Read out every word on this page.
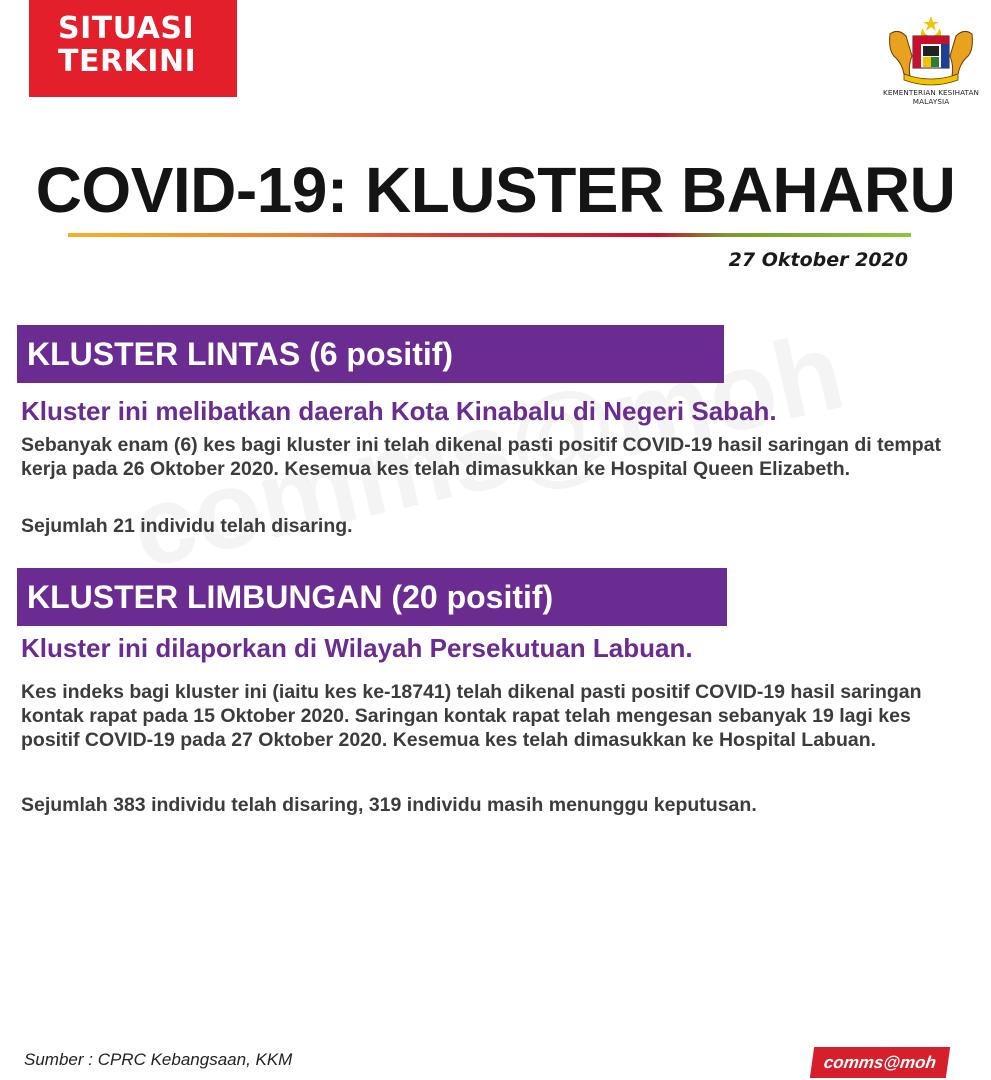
SITUASI
TERKINI
KEMENTERIAN KESIHATAN
MALAYSIA
COVID-19: KLUSTER BAHARU
27 Oktober 2020
KLUSTER LINTAS (6 positif)
Kluster ini melibatkan daerah Kota Kinabalu di Negeri Sabah.

Sebanyak enam (6) kes bagi kluster ini telah dikenal pasti positif COVID-19 hasil saringan di tempat kerja pada 26 Oktober 2020. Kesemua kes telah dimasukkan ke Hospital Queen Elizabeth.

Sejumlah 21 individu telah disaring.

KLUSTER LIMBUNGAN (20 positif)
Kluster ini dilaporkan di Wilayah Persekutuan Labuan.

Kes indeks bagi kluster ini (iaitu kes ke-18741) telah dikenal pasti positif COVID-19 hasil saringan kontak rapat pada 15 Oktober 2020. Saringan kontak rapat telah mengesan sebanyak 19 lagi kes positif COVID-19 pada 27 Oktober 2020. Kesemua kes telah dimasukkan ke Hospital Labuan.

Sejumlah 383 individu telah disaring, 319 individu masih menunggu keputusan.

Sumber : CPRC Kebangsaan, KKM	comms@moh
